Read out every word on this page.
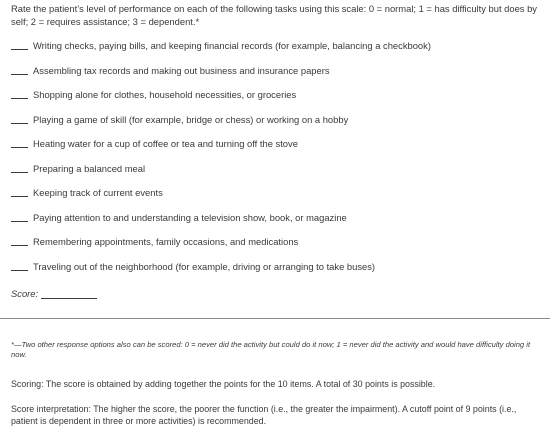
Rate the patient’s level of performance on each of the following tasks using this scale: 0 = normal; 1 = has difficulty but does by self; 2 = requires assistance; 3 = dependent.*
Writing checks, paying bills, and keeping financial records (for example, balancing a checkbook)
Assembling tax records and making out business and insurance papers
Shopping alone for clothes, household necessities, or groceries
Playing a game of skill (for example, bridge or chess) or working on a hobby
Heating water for a cup of coffee or tea and turning off the stove
Preparing a balanced meal
Keeping track of current events
Paying attention to and understanding a television show, book, or magazine
Remembering appointments, family occasions, and medications
Traveling out of the neighborhood (for example, driving or arranging to take buses)
Score:
*—Two other response options also can be scored: 0 = never did the activity but could do it now; 1 = never did the activity and would have difficulty doing it now.
Scoring: The score is obtained by adding together the points for the 10 items. A total of 30 points is possible.
Score interpretation: The higher the score, the poorer the function (i.e., the greater the impairment). A cutoff point of 9 points (i.e., patient is dependent in three or more activities) is recommended.
